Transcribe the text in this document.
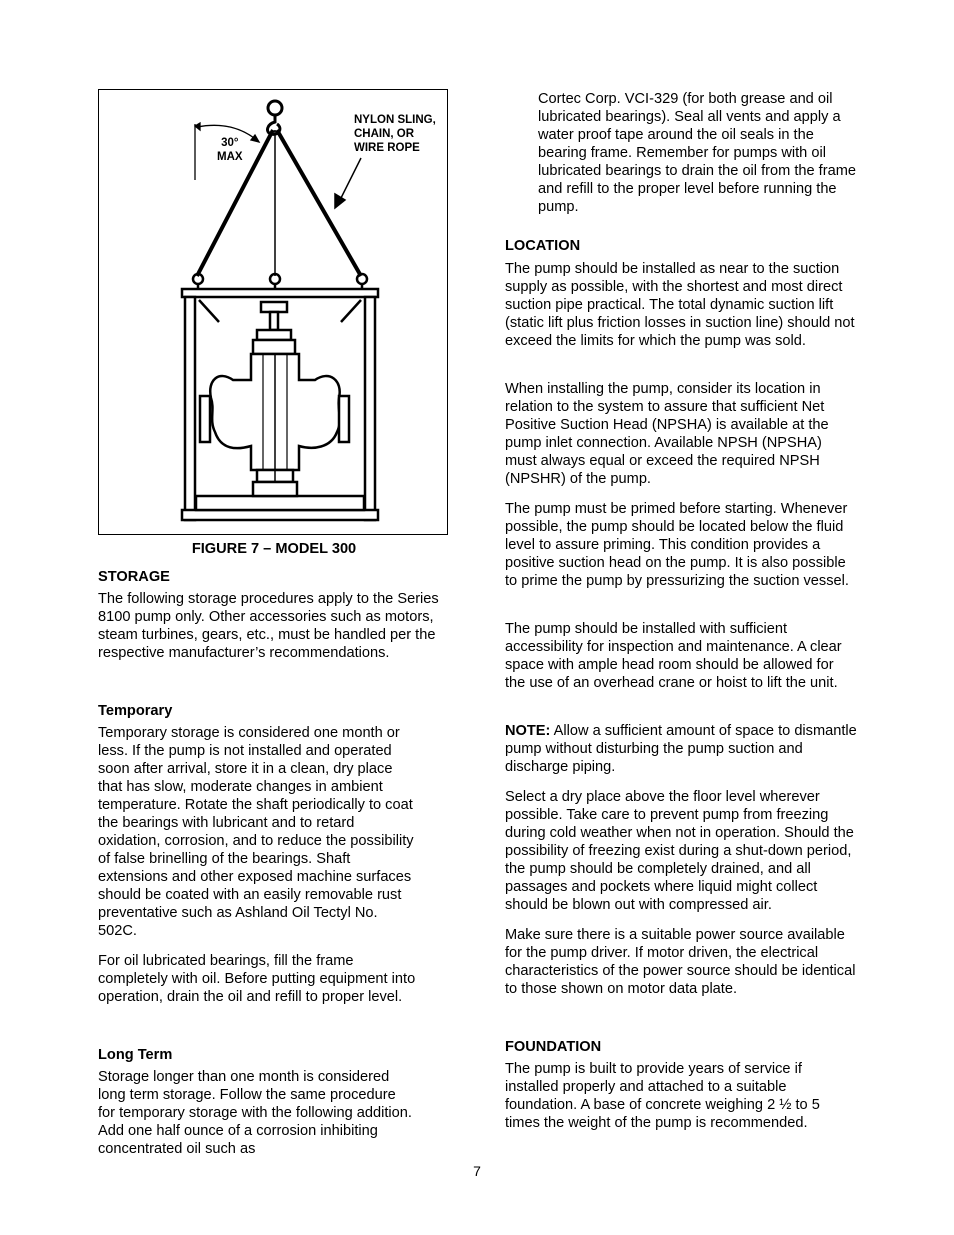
30°
MAX
NYLON SLING,
CHAIN, OR
WIRE ROPE
FIGURE 7 – MODEL 300

STORAGE

The following storage procedures apply to the Series 8100 pump only. Other accessories such as motors, steam turbines, gears, etc., must be handled per the respective manufacturer’s recommendations.

Temporary

Temporary storage is considered one month or less. If the pump is not installed and operated soon after arrival, store it in a clean, dry place that has slow, moderate changes in ambient temperature. Rotate the shaft periodically to coat the bearings with lubricant and to retard oxidation, corrosion, and to reduce the possibility of false brinelling of the bearings. Shaft extensions and other exposed machine surfaces should be coated with an easily removable rust preventative such as Ashland Oil Tectyl No. 502C.

For oil lubricated bearings, fill the frame completely with oil. Before putting equipment into operation, drain the oil and refill to proper level.

Long Term

Storage longer than one month is considered long term storage. Follow the same procedure for temporary storage with the following addition. Add one half ounce of a corrosion inhibiting concentrated oil such as

Cortec Corp. VCI-329 (for both grease and oil lubricated bearings). Seal all vents and apply a water proof tape around the oil seals in the bearing frame. Remember for pumps with oil lubricated bearings to drain the oil from the frame and refill to the proper level before running the pump.

LOCATION

The pump should be installed as near to the suction supply as possible, with the shortest and most direct suction pipe practical. The total dynamic suction lift (static lift plus friction losses in suction line) should not exceed the limits for which the pump was sold.

When installing the pump, consider its location in relation to the system to assure that sufficient Net Positive Suction Head (NPSHA) is available at the pump inlet connection. Available NPSH (NPSHA) must always equal or exceed the required NPSH (NPSHR) of the pump.

The pump must be primed before starting. Whenever possible, the pump should be located below the fluid level to assure priming. This condition provides a positive suction head on the pump. It is also possible to prime the pump by pressurizing the suction vessel.

The pump should be installed with sufficient accessibility for inspection and maintenance. A clear space with ample head room should be allowed for the use of an overhead crane or hoist to lift the unit.

NOTE: Allow a sufficient amount of space to dismantle pump without disturbing the pump suction and discharge piping.

Select a dry place above the floor level wherever possible. Take care to prevent pump from freezing during cold weather when not in operation. Should the possibility of freezing exist during a shut-down period, the pump should be completely drained, and all passages and pockets where liquid might collect should be blown out with compressed air.

Make sure there is a suitable power source available for the pump driver. If motor driven, the electrical characteristics of the power source should be identical to those shown on motor data plate.

FOUNDATION

The pump is built to provide years of service if installed properly and attached to a suitable foundation. A base of concrete weighing 2 ½ to 5 times the weight of the pump is recommended.

7
